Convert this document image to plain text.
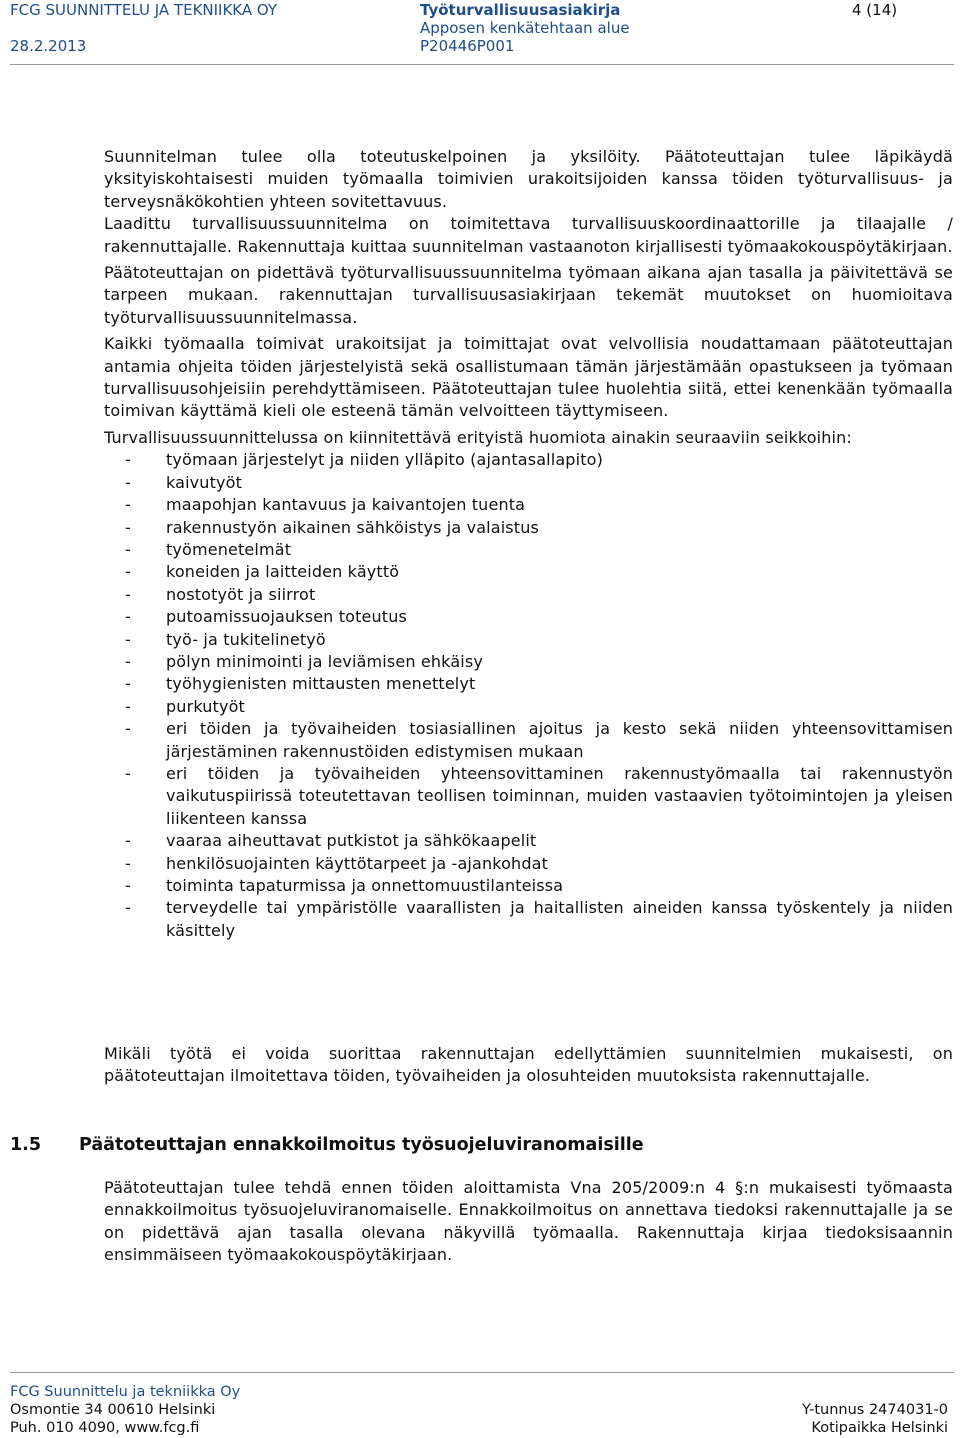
FCG SUUNNITTELU JA TEKNIIKKA OY
28.2.2013
Työturvallisuusasiakirja
Apposen kenkätehtaan alue
P20446P001
4 (14)

Suunnitelman tulee olla toteutuskelpoinen ja yksilöity. Päätoteuttajan tulee läpikäydä yksityiskohtaisesti muiden työmaalla toimivien urakoitsijoiden kanssa töiden työturvallisuus- ja terveysnäkökohtien yhteen sovitettavuus.

Laadittu turvallisuussuunnitelma on toimitettava turvallisuuskoordinaattorille ja tilaajalle / rakennuttajalle. Rakennuttaja kuittaa suunnitelman vastaanoton kirjallisesti työmaakokouspöytäkirjaan.

Päätoteuttajan on pidettävä työturvallisuussuunnitelma työmaan aikana ajan tasalla ja päivitettävä se tarpeen mukaan. rakennuttajan turvallisuusasiakirjaan tekemät muutokset on huomioitava työturvallisuussuunnitelmassa.

Kaikki työmaalla toimivat urakoitsijat ja toimittajat ovat velvollisia noudattamaan päätoteuttajan antamia ohjeita töiden järjestelyistä sekä osallistumaan tämän järjestämään opastukseen ja työmaan turvallisuusohjeisiin perehdyttämiseen. Päätoteuttajan tulee huolehtia siitä, ettei kenenkään työmaalla toimivan käyttämä kieli ole esteenä tämän velvoitteen täyttymiseen.

Turvallisuussuunnittelussa on kiinnitettävä erityistä huomiota ainakin seuraaviin seikkoihin:

- työmaan järjestelyt ja niiden ylläpito (ajantasallapito)
- kaivutyöt
- maapohjan kantavuus ja kaivantojen tuenta
- rakennustyön aikainen sähköistys ja valaistus
- työmenetelmät
- koneiden ja laitteiden käyttö
- nostotyöt ja siirrot
- putoamissuojauksen toteutus
- työ- ja tukitelinetyö
- pölyn minimointi ja leviämisen ehkäisy
- työhygienisten mittausten menettelyt
- purkutyöt
- eri töiden ja työvaiheiden tosiasiallinen ajoitus ja kesto sekä niiden yhteensovittamisen järjestäminen rakennustöiden edistymisen mukaan
- eri töiden ja työvaiheiden yhteensovittaminen rakennustyömaalla tai rakennustyön vaikutuspiirissä toteutettavan teollisen toiminnan, muiden vastaavien työtoimintojen ja yleisen liikenteen kanssa
- vaaraa aiheuttavat putkistot ja sähkökaapelit
- henkilösuojainten käyttötarpeet ja -ajankohdat
- toiminta tapaturmissa ja onnettomuustilanteissa
- terveydelle tai ympäristölle vaarallisten ja haitallisten aineiden kanssa työskentely ja niiden käsittely

Mikäli työtä ei voida suorittaa rakennuttajan edellyttämien suunnitelmien mukaisesti, on päätoteuttajan ilmoitettava töiden, työvaiheiden ja olosuhteiden muutoksista rakennuttajalle.

1.5 Päätoteuttajan ennakkoilmoitus työsuojeluviranomaisille

Päätoteuttajan tulee tehdä ennen töiden aloittamista Vna 205/2009:n 4 §:n mukaisesti työmaasta ennakkoilmoitus työsuojeluviranomaiselle. Ennakkoilmoitus on annettava tiedoksi rakennuttajalle ja se on pidettävä ajan tasalla olevana näkyvillä työmaalla. Rakennuttaja kirjaa tiedoksisaannin ensimmäiseen työmaakokouspöytäkirjaan.

FCG Suunnittelu ja tekniikka Oy
Osmontie 34 00610 Helsinki
Puh. 010 4090, www.fcg.fi
Y-tunnus 2474031-0
Kotipaikka Helsinki
